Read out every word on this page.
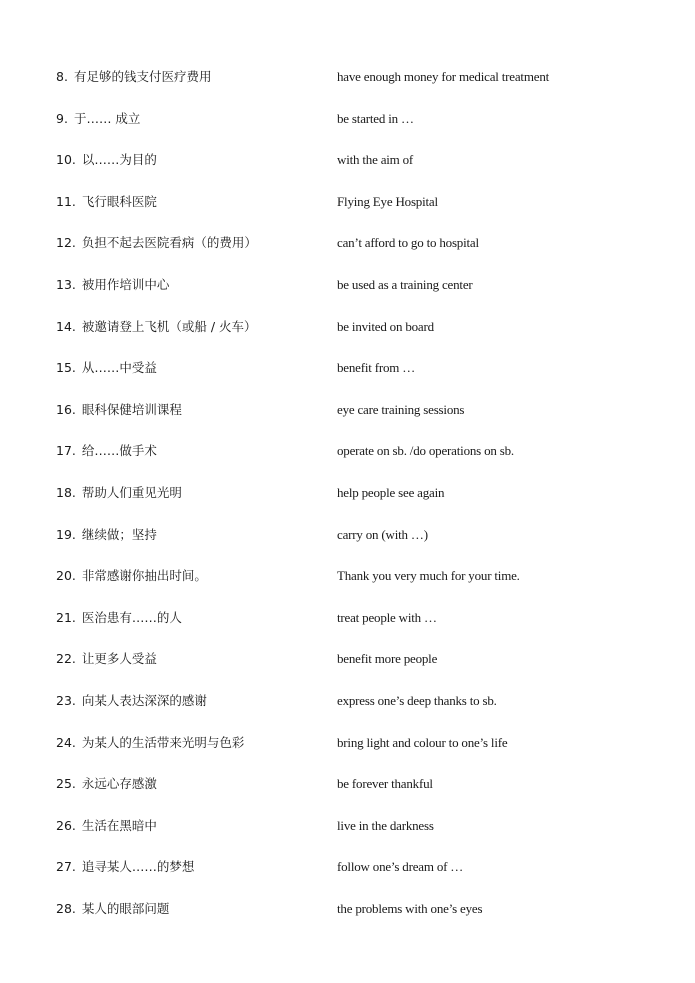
8. 有足够的钱支付医疗费用	have enough money for medical treatment
9. 于…… 成立	be started in …
10. 以……为目的	with the aim of
11. 飞行眼科医院	Flying Eye Hospital
12. 负担不起去医院看病（的费用）	can’t afford to go to hospital
13. 被用作培训中心	be used as a training center
14. 被邀请登上飞机（或船 / 火车）	be invited on board
15. 从……中受益	benefit from …
16. 眼科保健培训课程	eye care training sessions
17. 给……做手术	operate on sb. /do operations on sb.
18. 帮助人们重见光明	help people see again
19. 继续做；坚持	carry on (with …)
20. 非常感谢你抽出时间。	Thank you very much for your time.
21. 医治患有……的人	treat people with …
22. 让更多人受益	benefit more people
23. 向某人表达深深的感谢	express one’s deep thanks to sb.
24. 为某人的生活带来光明与色彩	bring light and colour to one’s life
25. 永远心存感激	be forever thankful
26. 生活在黑暗中	live in the darkness
27. 追寻某人……的梦想	follow one’s dream of …
28. 某人的眼部问题	the problems with one’s eyes
